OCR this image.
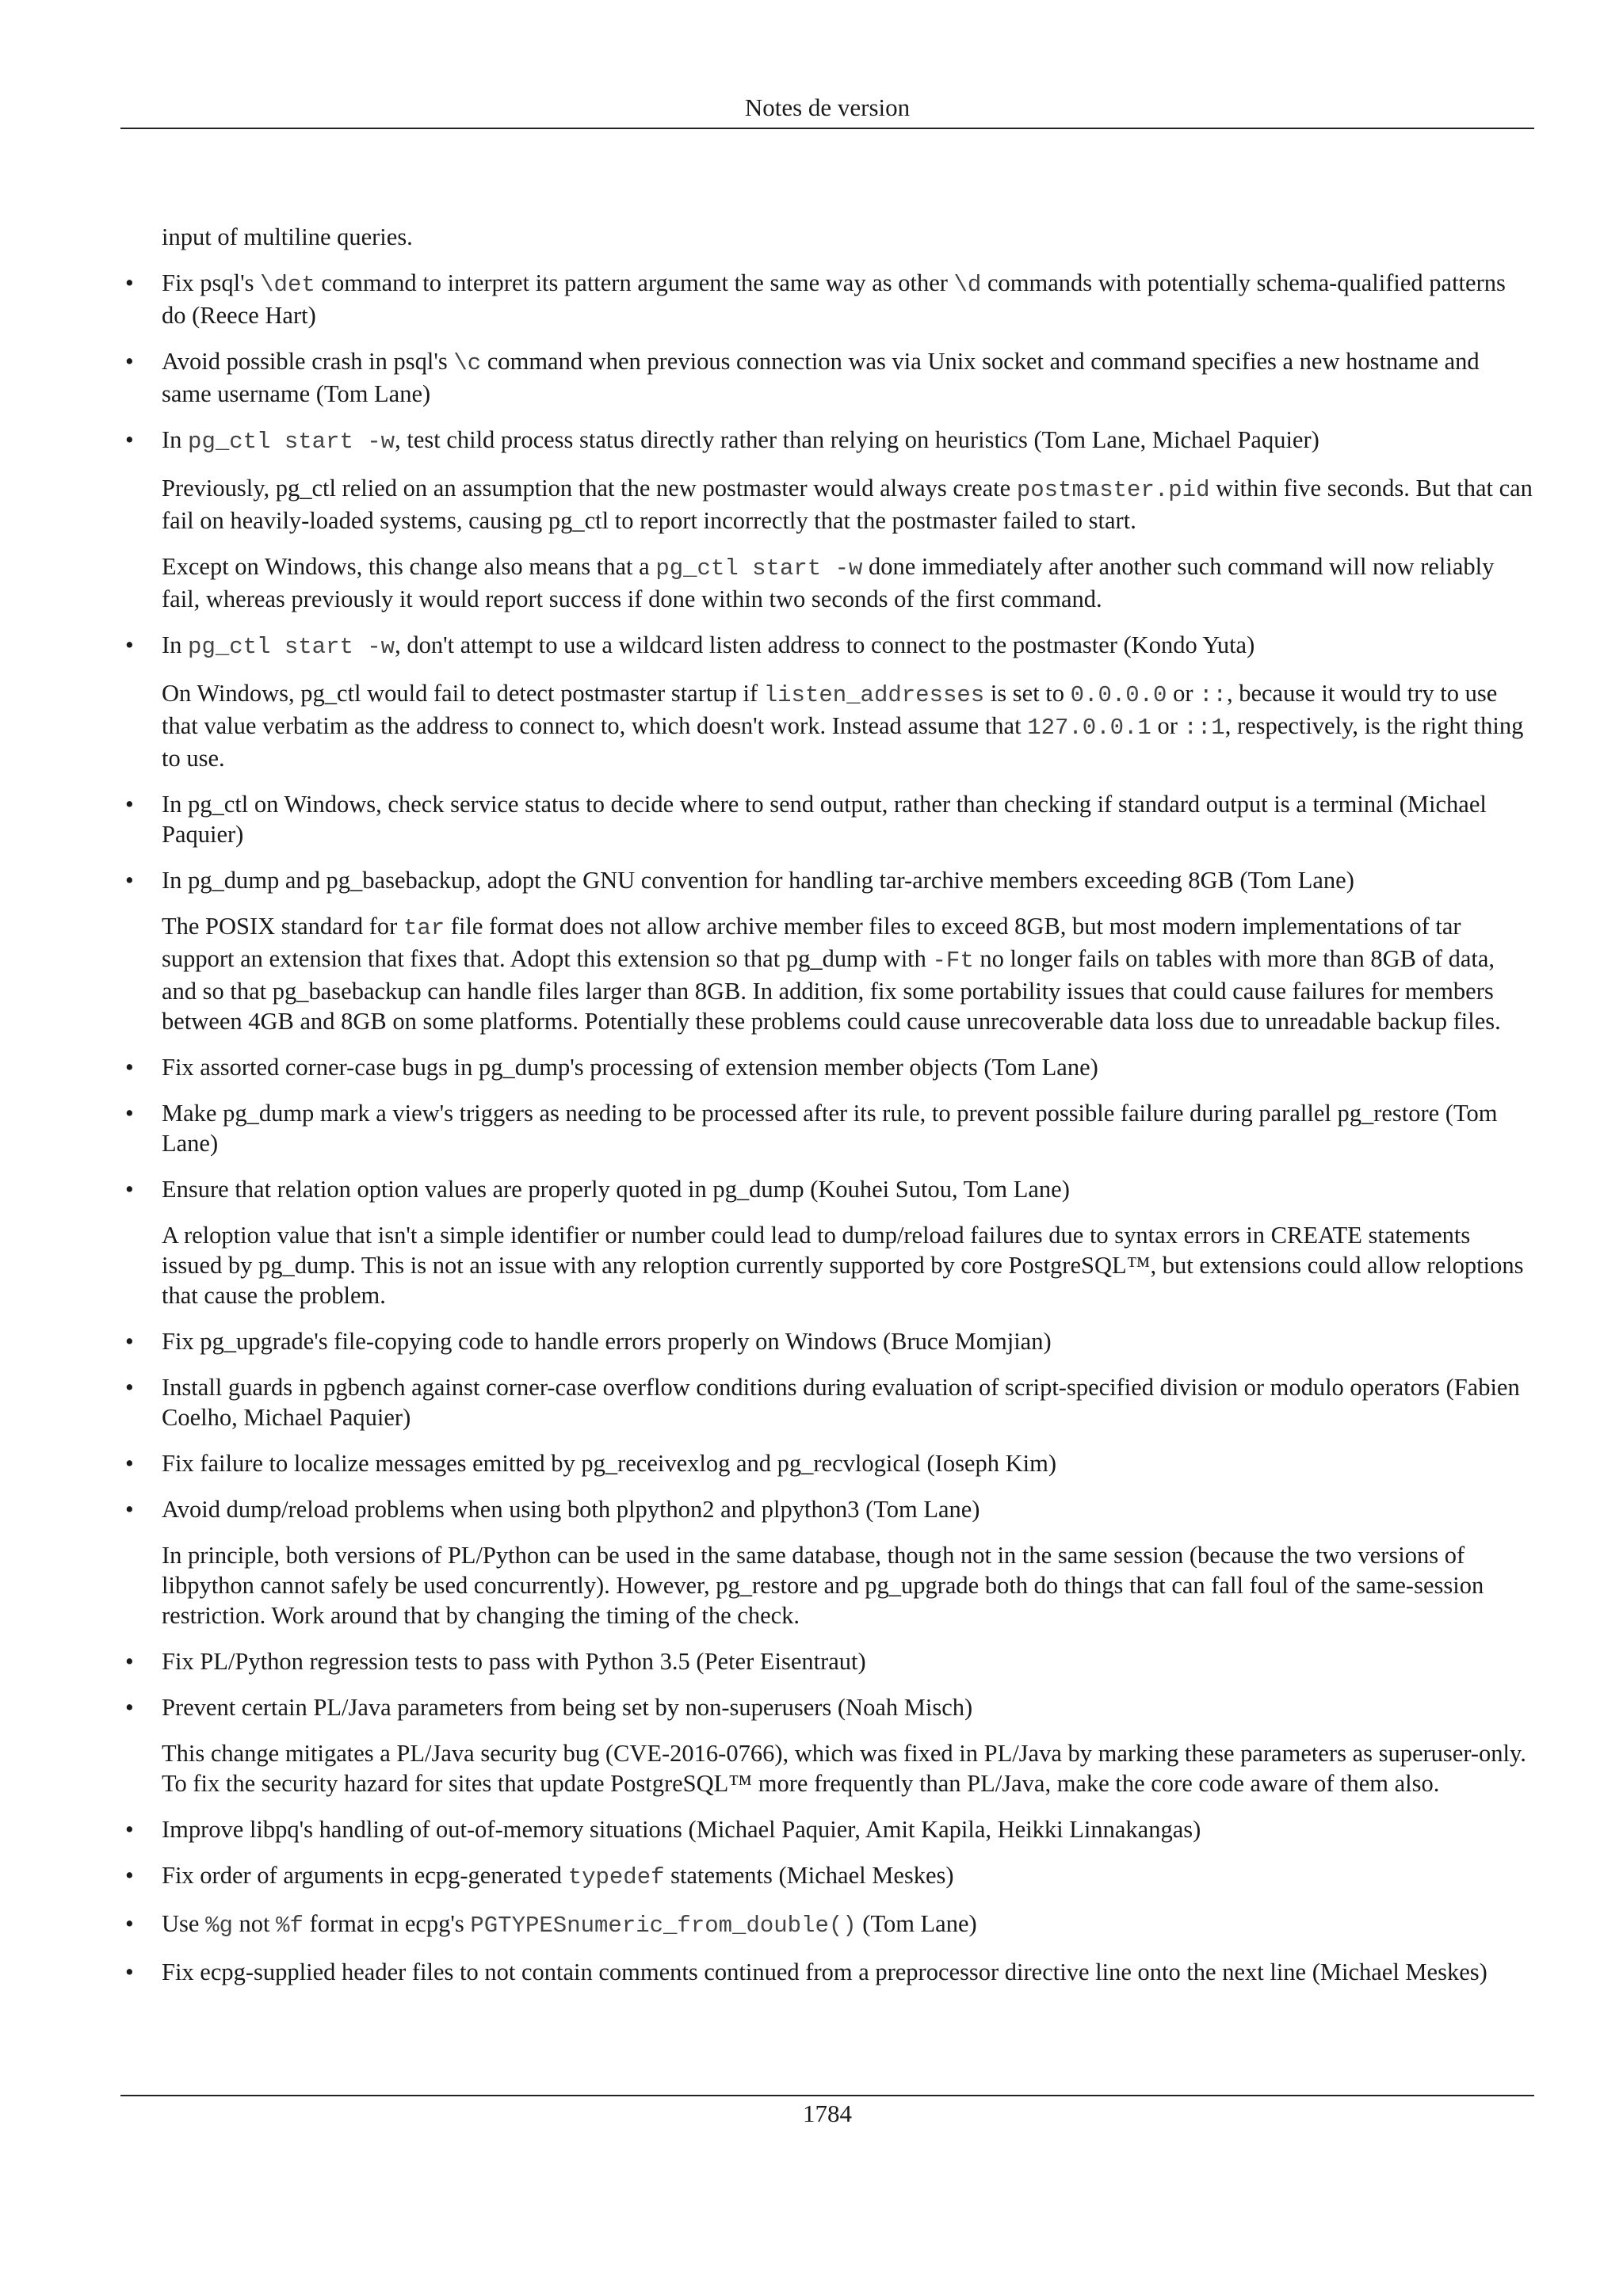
Notes de version
input of multiline queries.
• Fix psql's \det command to interpret its pattern argument the same way as other \d commands with potentially schema-qualified patterns do (Reece Hart)
• Avoid possible crash in psql's \c command when previous connection was via Unix socket and command specifies a new hostname and same username (Tom Lane)
• In pg_ctl start -w, test child process status directly rather than relying on heuristics (Tom Lane, Michael Paquier)
Previously, pg_ctl relied on an assumption that the new postmaster would always create postmaster.pid within five seconds. But that can fail on heavily-loaded systems, causing pg_ctl to report incorrectly that the postmaster failed to start.
Except on Windows, this change also means that a pg_ctl start -w done immediately after another such command will now reliably fail, whereas previously it would report success if done within two seconds of the first command.
• In pg_ctl start -w, don't attempt to use a wildcard listen address to connect to the postmaster (Kondo Yuta)
On Windows, pg_ctl would fail to detect postmaster startup if listen_addresses is set to 0.0.0.0 or ::, because it would try to use that value verbatim as the address to connect to, which doesn't work. Instead assume that 127.0.0.1 or ::1, respectively, is the right thing to use.
• In pg_ctl on Windows, check service status to decide where to send output, rather than checking if standard output is a terminal (Michael Paquier)
• In pg_dump and pg_basebackup, adopt the GNU convention for handling tar-archive members exceeding 8GB (Tom Lane)
The POSIX standard for tar file format does not allow archive member files to exceed 8GB, but most modern implementations of tar support an extension that fixes that. Adopt this extension so that pg_dump with -Ft no longer fails on tables with more than 8GB of data, and so that pg_basebackup can handle files larger than 8GB. In addition, fix some portability issues that could cause failures for members between 4GB and 8GB on some platforms. Potentially these problems could cause unrecoverable data loss due to unreadable backup files.
• Fix assorted corner-case bugs in pg_dump's processing of extension member objects (Tom Lane)
• Make pg_dump mark a view's triggers as needing to be processed after its rule, to prevent possible failure during parallel pg_restore (Tom Lane)
• Ensure that relation option values are properly quoted in pg_dump (Kouhei Sutou, Tom Lane)
A reloption value that isn't a simple identifier or number could lead to dump/reload failures due to syntax errors in CREATE statements issued by pg_dump. This is not an issue with any reloption currently supported by core PostgreSQL™, but extensions could allow reloptions that cause the problem.
• Fix pg_upgrade's file-copying code to handle errors properly on Windows (Bruce Momjian)
• Install guards in pgbench against corner-case overflow conditions during evaluation of script-specified division or modulo operators (Fabien Coelho, Michael Paquier)
• Fix failure to localize messages emitted by pg_receivexlog and pg_recvlogical (Ioseph Kim)
• Avoid dump/reload problems when using both plpython2 and plpython3 (Tom Lane)
In principle, both versions of PL/Python can be used in the same database, though not in the same session (because the two versions of libpython cannot safely be used concurrently). However, pg_restore and pg_upgrade both do things that can fall foul of the same-session restriction. Work around that by changing the timing of the check.
• Fix PL/Python regression tests to pass with Python 3.5 (Peter Eisentraut)
• Prevent certain PL/Java parameters from being set by non-superusers (Noah Misch)
This change mitigates a PL/Java security bug (CVE-2016-0766), which was fixed in PL/Java by marking these parameters as superuser-only. To fix the security hazard for sites that update PostgreSQL™ more frequently than PL/Java, make the core code aware of them also.
• Improve libpq's handling of out-of-memory situations (Michael Paquier, Amit Kapila, Heikki Linnakangas)
• Fix order of arguments in ecpg-generated typedef statements (Michael Meskes)
• Use %g not %f format in ecpg's PGTYPESnumeric_from_double() (Tom Lane)
• Fix ecpg-supplied header files to not contain comments continued from a preprocessor directive line onto the next line (Michael Meskes)
1784
